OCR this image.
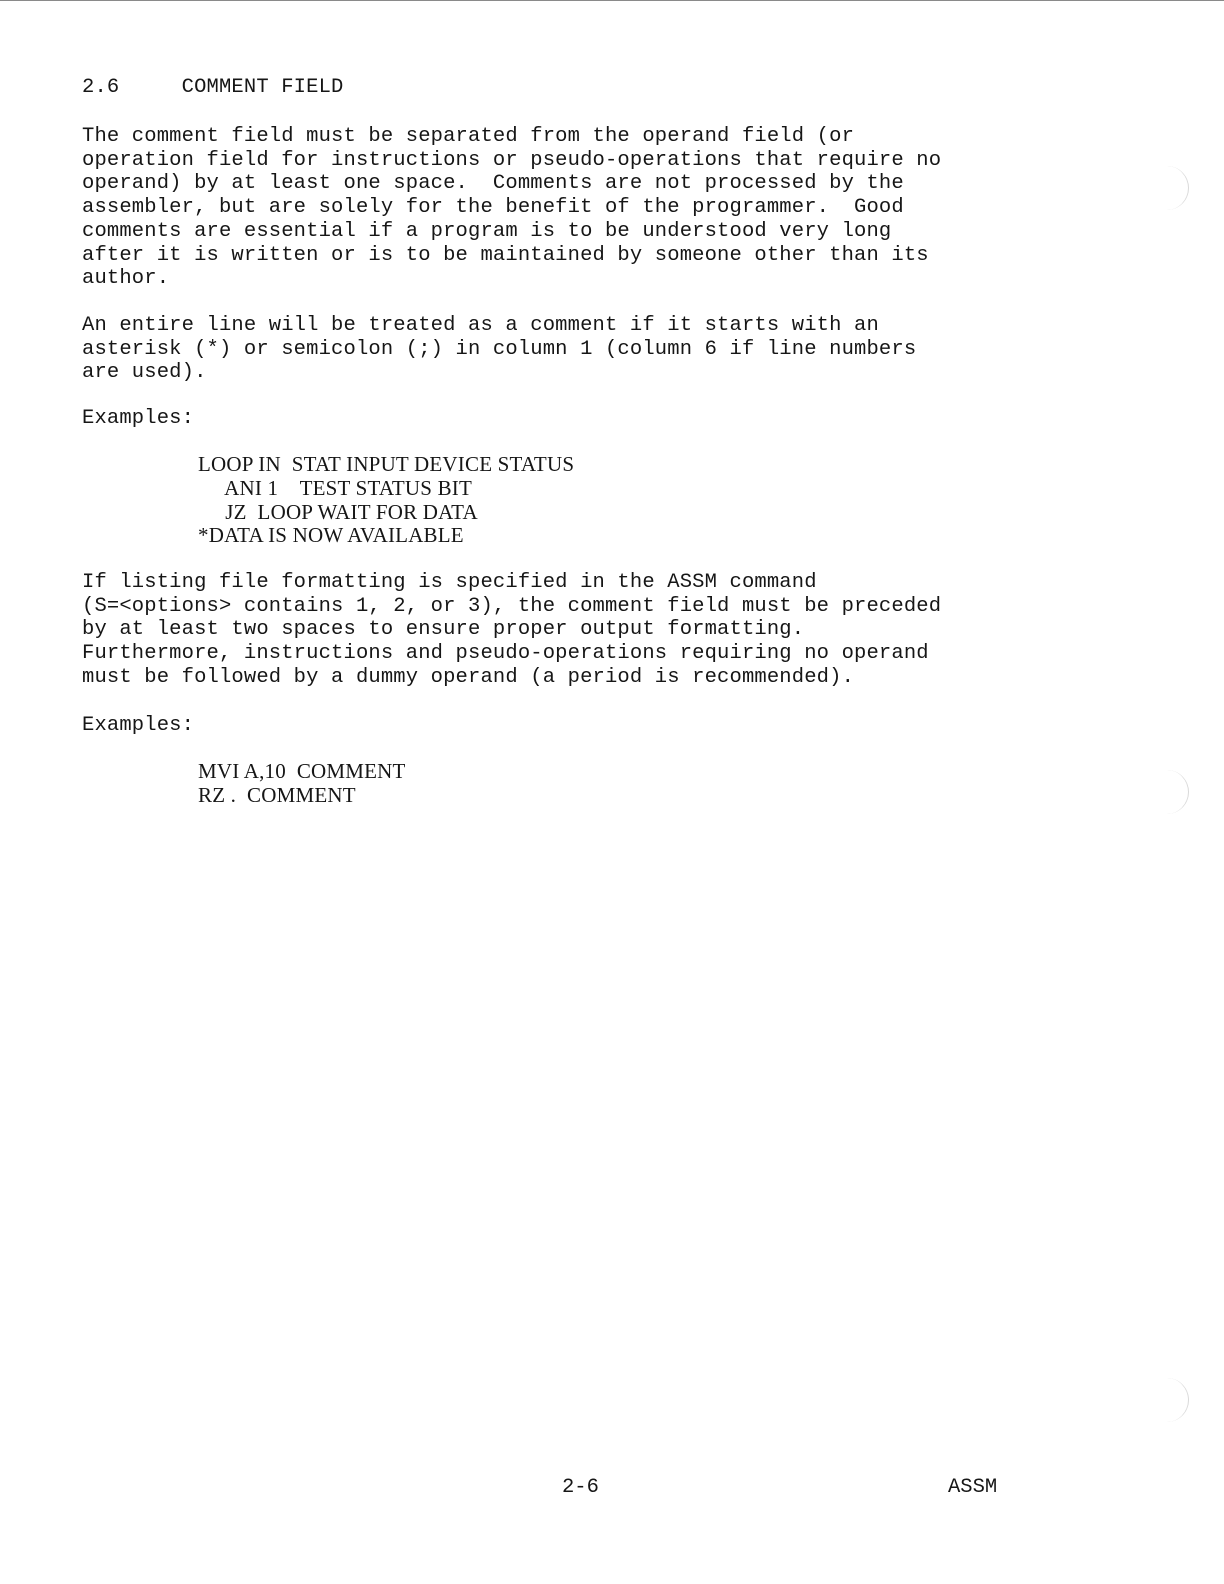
2.6     COMMENT FIELD
The comment field must be separated from the operand field (or
operation field for instructions or pseudo-operations that require no
operand) by at least one space.  Comments are not processed by the
assembler, but are solely for the benefit of the programmer.  Good
comments are essential if a program is to be understood very long
after it is written or is to be maintained by someone other than its
author.
An entire line will be treated as a comment if it starts with an
asterisk (*) or semicolon (;) in column 1 (column 6 if line numbers
are used).
Examples:
LOOP IN  STAT INPUT DEVICE STATUS
ANI 1    TEST STATUS BIT
JZ  LOOP WAIT FOR DATA
*DATA IS NOW AVAILABLE
If listing file formatting is specified in the ASSM command
(S=<options> contains 1, 2, or 3), the comment field must be preceded
by at least two spaces to ensure proper output formatting.
Furthermore, instructions and pseudo-operations requiring no operand
must be followed by a dummy operand (a period is recommended).
Examples:
MVI A,10  COMMENT
RZ .  COMMENT
2-6	ASSM
